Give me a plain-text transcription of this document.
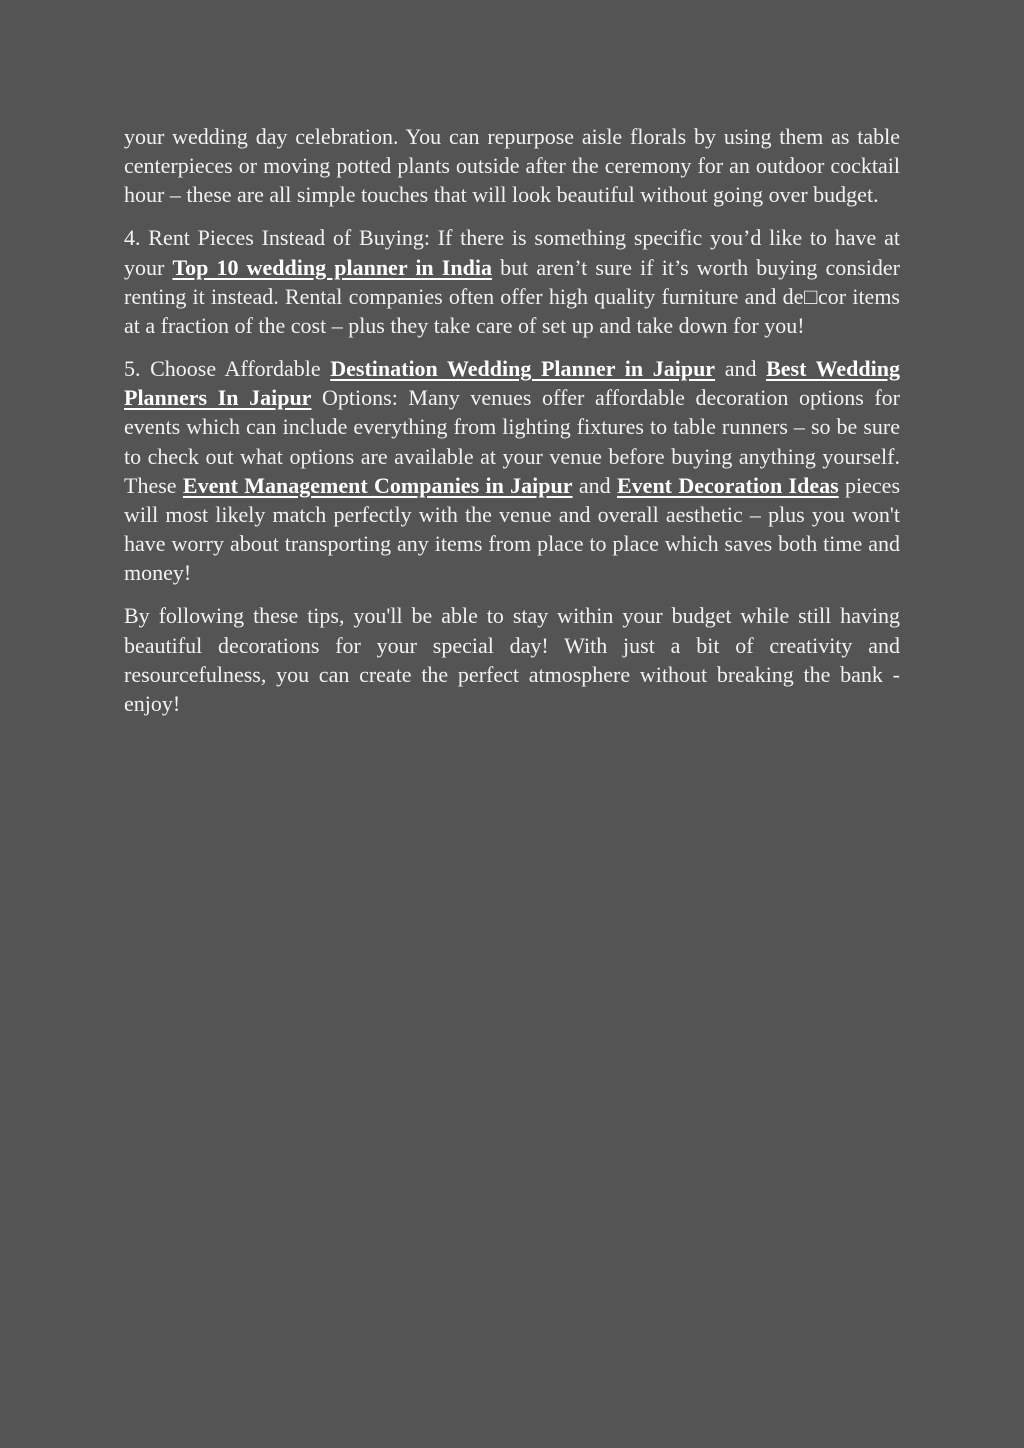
your wedding day celebration. You can repurpose aisle florals by using them as table centerpieces or moving potted plants outside after the ceremony for an outdoor cocktail hour – these are all simple touches that will look beautiful without going over budget.

4. Rent Pieces Instead of Buying: If there is something specific you’d like to have at your Top 10 wedding planner in India but aren’t sure if it’s worth buying consider renting it instead. Rental companies often offer high quality furniture and de□cor items at a fraction of the cost – plus they take care of set up and take down for you!

5. Choose Affordable Destination Wedding Planner in Jaipur and Best Wedding Planners In Jaipur Options: Many venues offer affordable decoration options for events which can include everything from lighting fixtures to table runners – so be sure to check out what options are available at your venue before buying anything yourself. These Event Management Companies in Jaipur and Event Decoration Ideas pieces will most likely match perfectly with the venue and overall aesthetic – plus you won't have worry about transporting any items from place to place which saves both time and money!

By following these tips, you'll be able to stay within your budget while still having beautiful decorations for your special day! With just a bit of creativity and resourcefulness, you can create the perfect atmosphere without breaking the bank - enjoy!
